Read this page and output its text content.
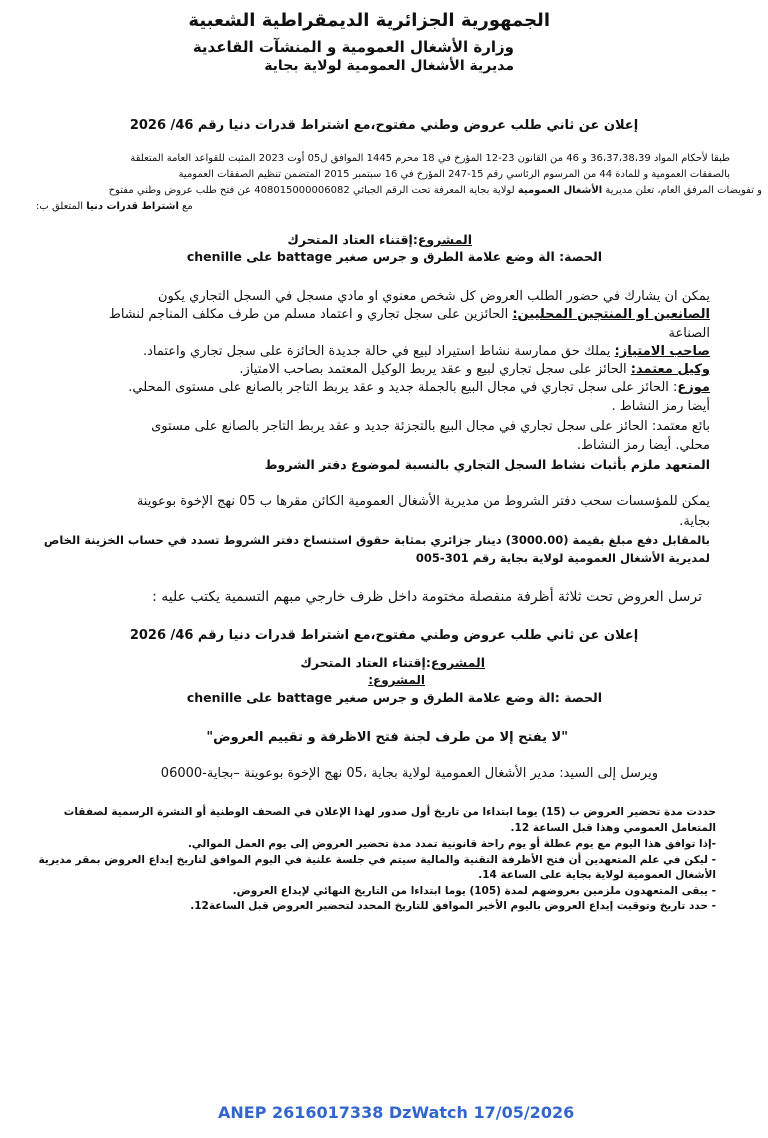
الجمهورية الجزائرية الديمقراطية الشعبية
وزارة الأشغال العمومية و المنشآت القاعدية
مديرية الأشغال العمومية لولاية بجاية
إعلان عن ثاني طلب عروض وطني مفتوح،مع اشتراط قدرات دنيا رقم 46/ 2026
طبقا لأحكام المواد 36،37،38،39 و 46 من القانون 23-12 المؤرخ في 18 محرم 1445 الموافق ل05 أوت 2023 المثبت للقواعد العامة المتعلقة
بالصفقات العمومية و للمادة 44 من المرسوم الرئاسي رقم 15-247 المؤرخ في 16 سبتمبر 2015 المتضمن تنظيم الصفقات العمومية
و تفويضات المرفق العام، تعلن مديرية الأشغال العمومية لولاية بجاية المعرفة تحت الرقم الجبائي 408015000006082 عن فتح طلب عروض وطني مفتوح
مع اشتراط قدرات دنيا المتعلق ب:
المشروع:إقتناء العتاد المتحرك
الحصة: الة وضع علامة الطرق و جرس صغير battage على chenille
يمكن ان يشارك في حضور الطلب العروض كل شخص معنوي او مادي مسجل في السجل التجاري يكون
الصانعين او المنتجين المحليين: الحائزين على سجل تجاري و اعتماد مسلم من طرف مكلف المناجم لنشاط
الصناعة
صاحب الامتياز: يملك حق ممارسة نشاط استيراد لبيع في حالة جديدة الحائزة على سجل تجاري واعتماد.
وكيل معتمد: الحائز على سجل تجاري لبيع و عقد يربط الوكيل المعتمد بصاحب الامتياز.
موزع: الحائز على سجل تجاري في مجال البيع بالجملة جديد و عقد يربط التاجر بالصانع على مستوى المحلي.
أيضا رمز النشاط .
بائع معتمد: الحائز على سجل تجاري في مجال البيع بالتجزئة جديد و عقد يربط التاجر بالصانع على مستوى
محلي. أيضا رمز النشاط.
المتعهد ملزم بأثبات نشاط السجل التجاري بالنسبة لموضوع دفتر الشروط
يمكن للمؤسسات سحب دفتر الشروط من مديرية الأشغال العمومية الكائن مقرها ب 05 نهج الإخوة بوعوينة
بجاية.
بالمقابل دفع مبلغ بقيمة (3000.00) دينار جزائري بمثابة حقوق استنساخ دفتر الشروط تسدد في حساب الخزينة الخاص
لمديرية الأشغال العمومية لولاية بجاية رقم 301-005
ترسل العروض تحت ثلاثة أظرفة منفصلة مختومة داخل ظرف خارجي مبهم التسمية يكتب عليه :
إعلان عن ثاني طلب عروض وطني مفتوح،مع اشتراط قدرات دنيا رقم 46/ 2026
المشروع:إقتناء العتاد المتحرك
المشروع:
الحصة :الة وضع علامة الطرق و جرس صغير battage على chenille
"لا يفتح إلا من طرف لجنة فتح الاظرفة و تقييم العروض"
ويرسل إلى السيد: مدير الأشغال العمومية لولاية بجاية ،05 نهج الإخوة بوعوينة –بجاية-06000
حددت مدة تحضير العروض ب (15) يوما ابتداءا من تاريخ أول صدور لهذا الإعلان في الصحف الوطنية أو النشرة الرسمية لصفقات
المتعامل العمومي وهذا قبل الساعة 12.
-إذا توافق هذا اليوم مع يوم عطلة أو يوم راحة قانونية تمدد مدة تحضير العروض إلى يوم العمل الموالي.
- ليكن في علم المتعهدين أن فتح الأظرفة التقنية والمالية سيتم في جلسة علنية في اليوم الموافق لتاريخ إيداع العروض بمقر مديرية
الأشغال العمومية لولاية بجاية على الساعة 14.
- يبقى المتعهدون ملزمين بعروضهم لمدة (105) يوما ابتداءا من التاريخ النهائي لإيداع العروض.
- حدد تاريخ وتوقيت إيداع العروض باليوم الأخير الموافق للتاريخ المحدد لتحضير العروض قبل الساعة12.
ANEP 2616017338 DzWatch 17/05/2026
